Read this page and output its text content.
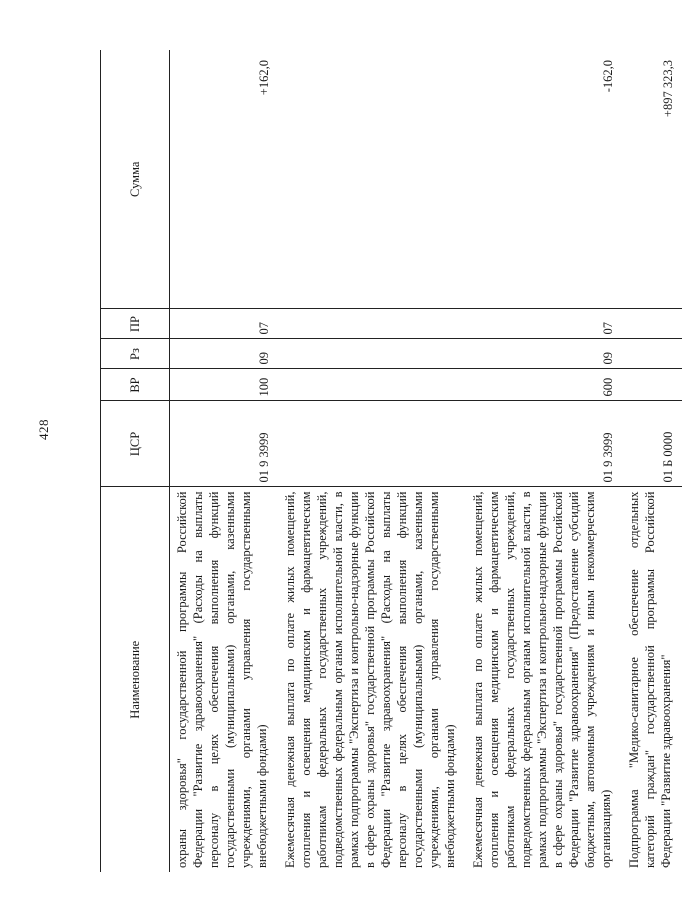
428
Наименование	ЦСР	ВР	Рз	ПР	Сумма
охраны здоровья" государственной программы Российской Федерации "Развитие здравоохранения" (Расходы на выплаты персоналу в целях обеспечения выполнения функций государственными (муниципальными) органами, казенными учреждениями, органами управления государственными внебюджетными фондами)	01 9 3999	100	09	07	+162,0
Ежемесячная денежная выплата по оплате жилых помещений, отопления и освещения медицинским и фармацевтическим работникам федеральных государственных учреждений, подведомственных федеральным органам исполнительной власти, в рамках подпрограммы "Экспертиза и контрольно-надзорные функции в сфере охраны здоровья" государственной программы Российской Федерации "Развитие здравоохранения" (Расходы на выплаты персоналу в целях обеспечения выполнения функций государственными (муниципальными) органами, казенными учреждениями, органами управления государственными внебюджетными фондами)					
Ежемесячная денежная выплата по оплате жилых помещений, отопления и освещения медицинским и фармацевтическим работникам федеральных государственных учреждений, подведомственных федеральным органам исполнительной власти, в рамках подпрограммы "Экспертиза и контрольно-надзорные функции в сфере охраны здоровья" государственной программы Российской Федерации "Развитие здравоохранения" (Предоставление субсидий бюджетным, автономным учреждениям и иным некоммерческим организациям)	01 9 3999	600	09	07	-162,0
Подпрограмма "Медико-санитарное обеспечение отдельных категорий граждан" государственной программы Российской Федерации "Развитие здравоохранения"	01 Б 0000				+897 323,3
